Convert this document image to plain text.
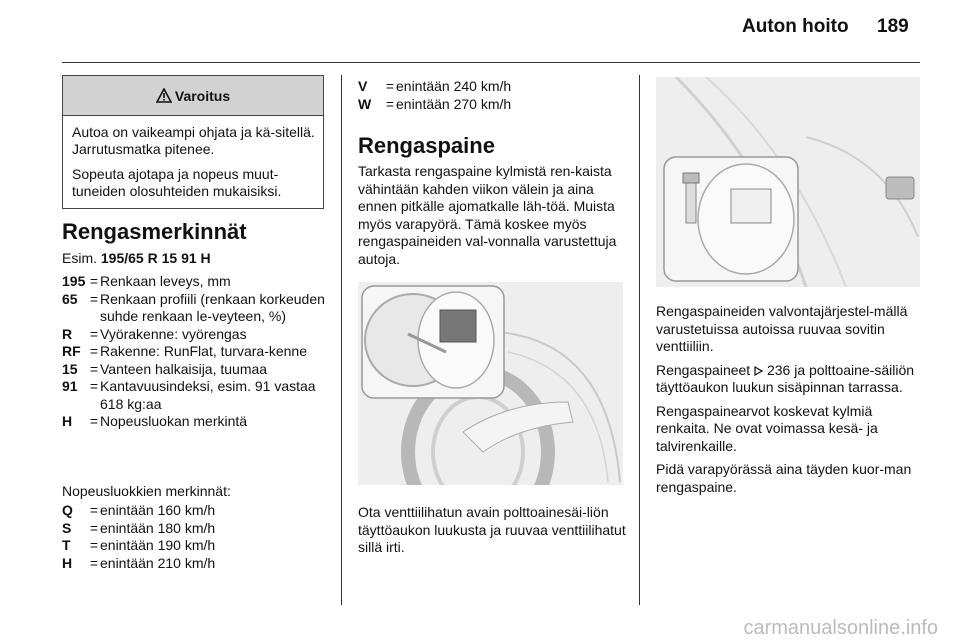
Auton hoito 189
Varoitus

Autoa on vaikeampi ohjata ja kä-sitellä. Jarrutusmatka pitenee.

Sopeuta ajotapa ja nopeus muut-tuneiden olosuhteiden mukaisiksi.

Rengasmerkinnät
Esim. 195/65 R 15 91 H
195 = Renkaan leveys, mm
65 = Renkaan profiili (renkaan korkeuden suhde renkaan le-veyteen, %)
R	= Vyörakenne: vyörengas
RF = Rakenne: RunFlat, turvara-kenne
15 = Vanteen halkaisija, tuumaa
91 = Kantavuusindeksi, esim. 91 vastaa 618 kg:aa
H	= Nopeusluokan merkintä
Nopeusluokkien merkinnät:
Q	= enintään 160 km/h
S	= enintään 180 km/h
T	= enintään 190 km/h
H	= enintään 210 km/h
V	= enintään 240 km/h
W	= enintään 270 km/h
Rengaspaine
Tarkasta rengaspaine kylmistä ren-kaista vähintään kahden viikon välein ja aina ennen pitkälle ajomatkalle läh-töä. Muista myös varapyörä. Tämä koskee myös rengaspaineiden val-vonnalla varustettuja autoja.
Ota venttiilihatun avain polttoainesäi-liön täyttöaukon luukusta ja ruuvaa venttiilihatut sillä irti.

Rengaspaineiden valvontajärjestel-mällä varustetuissa autoissa ruuvaa sovitin venttiiliin.

Rengaspaineet  236 ja polttoaine-säiliön täyttöaukon luukun sisäpinnan tarrassa.

Rengaspainearvot koskevat kylmiä renkaita. Ne ovat voimassa kesä- ja talvirenkaille.

Pidä varapyörässä aina täyden kuor-man rengaspaine.

carmanualsonline.info
